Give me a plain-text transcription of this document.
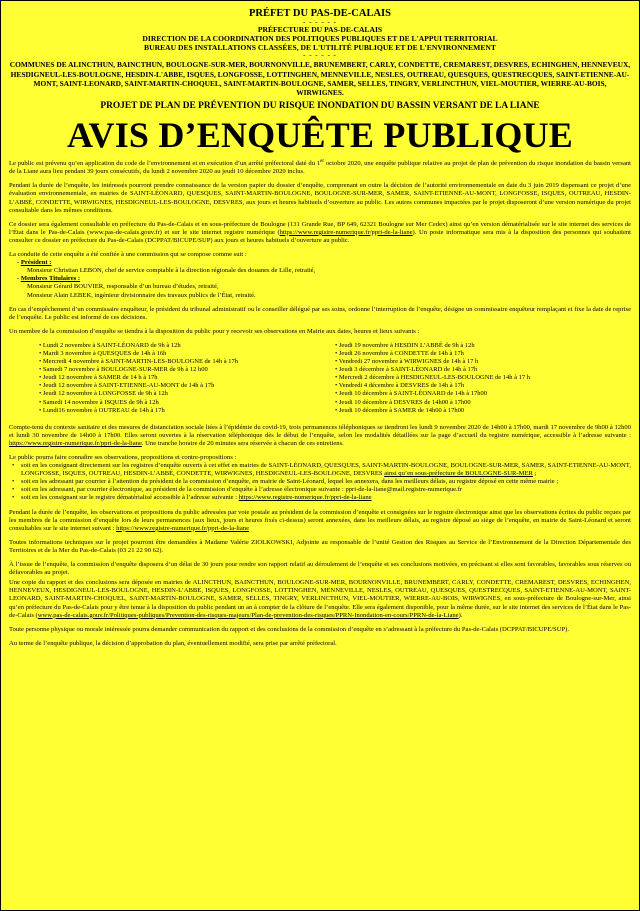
PRÉFET DU PAS-DE-CALAIS
- - - - - -
PRÉFECTURE DU PAS-DE-CALAIS
DIRECTION DE LA COORDINATION DES POLITIQUES PUBLIQUES ET DE L'APPUI TERRITORIAL
BUREAU DES INSTALLATIONS CLASSÉES, DE L'UTILITÉ PUBLIQUE ET DE L'ENVIRONNEMENT
- - - - - -
COMMUNES DE ALINCTHUN, BAINCTHUN, BOULOGNE-SUR-MER, BOURNONVILLE, BRUNEMBERT, CARLY, CONDETTE, CREMAREST, DESVRES, ECHINGHEN, HENNEVEUX, HESDIGNEUL-LES-BOULOGNE, HESDIN-L'ABBE, ISQUES, LONGFOSSE, LOTTINGHEN, MENNEVILLE, NESLES, OUTREAU, QUESQUES, QUESTRECQUES, SAINT-ETIENNE-AU-MONT, SAINT-LEONARD, SAINT-MARTIN-CHOQUEL, SAINT-MARTIN-BOULOGNE, SAMER, SELLES, TINGRY, VERLINCTHUN, VIEL-MOUTIER, WIERRE-AU-BOIS, WIRWIGNES.
PROJET DE PLAN DE PRÉVENTION DU RISQUE INONDATION DU BASSIN VERSANT DE LA LIANE
AVIS D’ENQUÊTE PUBLIQUE

Le public est prévenu qu’en application du code de l’environnement et en exécution d’un arrêté préfectoral daté du 1er octobre 2020, une enquête publique relative au projet de plan de prévention du risque inondation du bassin versant de la Liane aura lieu pendant 39 jours consécutifs, du lundi 2 novembre 2020 au jeudi 10 décembre 2020 inclus.

Pendant la durée de l’enquête, les intéressés pourront prendre connaissance de la version papier du dossier d’enquête, comprenant en outre la décision de l’autorité environnementale en date du 3 juin 2019 dispensant ce projet d’une évaluation environnementale, en mairies de SAINT-LÉONARD, QUESQUES, SAINT-MARTIN-BOULOGNE, BOULOGNE-SUR-MER, SAMER, SAINT-ETIENNE-AU-MONT, LONGFOSSE, ISQUES, OUTREAU, HESDIN-L’ABBÉ, CONDETTE, WIRWIGNES, HESDIGNEUL-LES-BOULOGNE, DESVRES, aux jours et heures habituels d’ouverture au public. Les autres communes impactées par le projet disposeront d’une version numérique du projet consultable dans les mêmes conditions.

Ce dossier sera également consultable en préfecture du Pas-de-Calais et en sous-préfecture de Boulogne (131 Grande Rue, BP 649, 62321 Boulogne sur Mer Cedex) ainsi qu’en version dématérialisée sur le site internet des services de l’État dans le Pas-de-Calais (www.pas-de-calais.gouv.fr) et sur le site internet registre numérique (https://www.registre-numerique.fr/ppri-de-la-liane). Un poste informatique sera mis à la disposition des personnes qui souhaitent consulter ce dossier en préfecture du Pas-de-Calais (DCPPAT/BICUPE/SUP) aux jours et heures habituels d’ouverture au public.

La conduite de cette enquête a été confiée à une commission qui se compose comme suit :
- Président :
Monsieur Christian LEBON, chef de service comptable à la direction régionale des douanes de Lille, retraité,
- Membres Titulaires :
Monsieur Gérard BOUVIER, responsable d’un bureau d’études, retraité,
Monsieur Alain LEBEK, ingénieur divisionnaire des travaux publics de l’État, retraité.

En cas d’empêchement d’un commissaire enquêteur, le président du tribunal administratif ou le conseiller délégué par ses soins, ordonne l’interruption de l’enquête, désigne un commissaire enquêteur remplaçant et fixe la date de reprise de l’enquête. Le public est informé de ces décisions.

Un membre de la commission d’enquête se tiendra à la disposition du public pour y recevoir ses observations en Mairie aux dates, heures et lieux suivants :

• Lundi 2 novembre à SAINT-LÉONARD de 9h à 12h
• Mardi 3 novembre à QUESQUES de 14h à 16h
• Mercredi 4 novembre à SAINT-MARTIN-LES-BOULOGNE de 14h à 17h
• Samedi 7 novembre à BOULOGNE-SUR-MER de 9h à 12 h00
• Jeudi 12 novembre à SAMER de 14 h à 17h
• Jeudi 12 novembre à SAINT-ETIENNE-AU-MONT de 14h à 17h
• Jeudi 12 novembre à LONGFOSSE de 9h à 12h
• Samedi 14 novembre à ISQUES de 9h à 12h
• Lundi16 novembre à OUTREAU de 14h à 17h
• Jeudi 19 novembre à HESDIN L’ABBÉ de 9h à 12h
• Jeudi 26 novembre à CONDETTE de 14h à 17h
• Vendredi 27 novembre à WIRWIGNES de 14h à 17 h
• Jeudi 3 décembre à SAINT-LÉONARD de 14h à 17h
• Mercredi 2 décembre à HESDIGNEUL-LES-BOULOGNE de 14h à 17 h
• Vendredi 4 décembre à DESVRES de 14h à 17h
• Jeudi 10 décembre à SAINT-LÉONARD de 14h à 17h00
• Jeudi 10 décembre à DESVRES de 14h00 à 17h00
• Jeudi 10 décembre à SAMER de 14h00 à 17h00

Compte-tenu du contexte sanitaire et des mesures de distanciation sociale liées à l’épidémie du covid-19, trois permanences téléphoniques se tiendront les lundi 9 novembre 2020 de 14h00 à 17h00, mardi 17 novembre de 9h00 à 12h00 et lundi 30 novembre de 14h00 à 17h00. Elles seront ouvertes à la réservation téléphonique dès le début de l’enquête, selon les modalités détaillées sur la page d’accueil du registre numérique, accessible à l’adresse suivante : https://www.registre-numerique.fr/ppri-de-la-liane. Une tranche horaire de 20 minutes sera réservée à chacun de ces entretiens.

Le public pourra faire connaître ses observations, propositions et contre-propositions :
• soit en les consignant directement sur les registres d’enquête ouverts à cet effet en mairies de SAINT-LÉONARD, QUESQUES, SAINT-MARTIN-BOULOGNE, BOULOGNE-SUR-MER, SAMER, SAINT-ETIENNE-AU-MONT, LONGFOSSE, ISQUES, OUTREAU, HESDIN-L’ABBÉ, CONDETTE, WIRWIGNES, HESDIGNEUL-LES-BOULOGNE, DESVRES ainsi qu’en sous-préfecture de BOULOGNE-SUR-MER ;
• soit en les adressant par courrier à l’attention du président de la commission d’enquête, en mairie de Saint-Léonard, lequel les annexera, dans les meilleurs délais, au registre déposé en cette même mairie ;
• soit en les adressant, par courrier électronique, au président de la commission d’enquête à l’adresse électronique suivante : ppri-de-la-liane@mail.registre-numerique.fr
• soit en les consignant sur le registre dématérialisé accessible à l’adresse suivante : https://www.registre-numerique.fr/ppri-de-la-liane

Pendant la durée de l’enquête, les observations et propositions du public adressées par voie postale au président de la commission d’enquête et consignées sur le registre électronique ainsi que les observations écrites du public reçues par les membres de la commission d’enquête lors de leurs permanences (aux lieux, jours et heures fixés ci-dessus) seront annexées, dans les meilleurs délais, au registre déposé au siège de l’enquête, en mairie de Saint-Léonard et seront consultables sur le site internet suivant : https://www.registre-numerique.fr/ppri-de-la-liane

Toutes informations techniques sur le projet pourront être demandées à Madame Valérie ZIOLKOWSKI, Adjointe au responsable de l’unité Gestion des Risques au Service de l’Environnement de la Direction Départementale des Territoires et de la Mer du Pas-de-Calais (03 21 22 90 62).

À l’issue de l’enquête, la commission d’enquête disposera d’un délai de 30 jours pour rendre son rapport relatif au déroulement de l’enquête et ses conclusions motivées, en précisant si elles sont favorables, favorables sous réserves ou défavorables au projet.

Une copie du rapport et des conclusions sera déposée en mairies de ALINCTHUN, BAINCTHUN, BOULOGNE-SUR-MER, BOURNONVILLE, BRUNEMBERT, CARLY, CONDETTE, CREMAREST, DESVRES, ECHINGHEN, HENNEVEUX, HESDIGNEUL-LES-BOULOGNE, HESDIN-L’ABBE, ISQUES, LONGFOSSE, LOTTINGHEN, MENNEVILLE, NESLES, OUTREAU, QUESQUES, QUESTRECQUES, SAINT-ETIENNE-AU-MONT, SAINT-LEONARD, SAINT-MARTIN-CHOQUEL, SAINT-MARTIN-BOULOGNE, SAMER, SELLES, TINGRY, VERLINCTHUN, VIEL-MOUTIER, WIERRE-AU-BOIS, WIRWIGNES, en sous-préfecture de Boulogne-sur-Mer, ainsi qu’en préfecture du Pas-de-Calais pour y être tenue à la disposition du public pendant un an à compter de la clôture de l’enquête. Elle sera également disponible, pour la même durée, sur le site internet des services de l’État dans le Pas-de-Calais (www.pas-de-calais.gouv.fr/Politiques-publiques/Prevention-des-risques-majeurs/Plan-de-prevention-des-risques/PPRN-Inondation-en-cours/PPRN-de-la-Liane).

Toute personne physique ou morale intéressée pourra demander communication du rapport et des conclusions de la commission d’enquête en s’adressant à la préfecture du Pas-de-Calais (DCPPAT/BICUPE/SUP).

Au terme de l’enquête publique, la décision d’approbation du plan, éventuellement modifié, sera prise par arrêté préfectoral.
